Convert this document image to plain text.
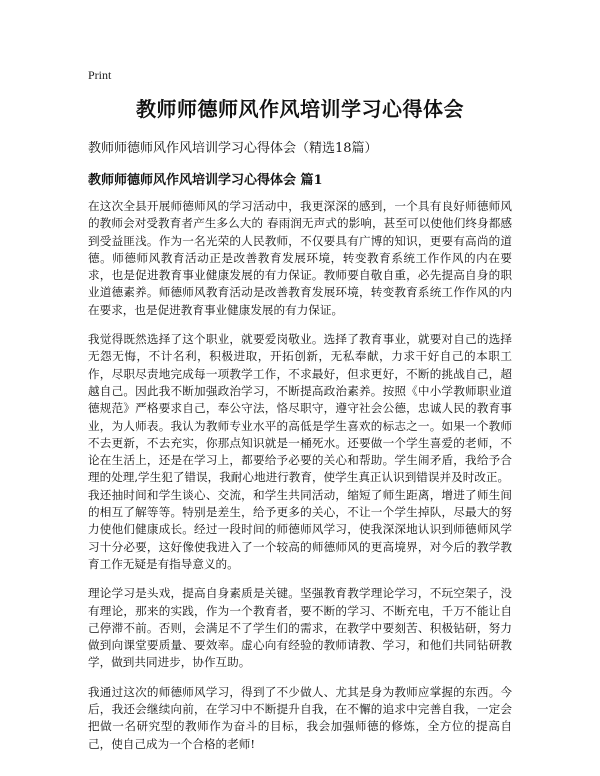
Print
教师师德师风作风培训学习心得体会
教师师德师风作风培训学习心得体会（精选18篇）
教师师德师风作风培训学习心得体会 篇1

在这次全县开展师德师风的学习活动中，我更深深的感到，一个具有良好师德师风的教师会对受教育者产生多么大的 春雨润无声式的影响，甚至可以使他们终身都感到受益匪浅。作为一名光荣的人民教师，不仅要具有广博的知识，更要有高尚的道德。师德师风教育活动正是改善教育发展环境，转变教育系统工作作风的内在要求，也是促进教育事业健康发展的有力保证。教师要自敬自重，必先提高自身的职业道德素养。师德师风教育活动是改善教育发展环境，转变教育系统工作作风的内在要求，也是促进教育事业健康发展的有力保证。

我觉得既然选择了这个职业，就要爱岗敬业。选择了教育事业，就要对自己的选择无怨无悔，不计名利，积极进取，开拓创新，无私奉献，力求干好自己的本职工作，尽职尽责地完成每一项教学工作，不求最好，但求更好，不断的挑战自己，超越自己。因此我不断加强政治学习，不断提高政治素养。按照《中小学教师职业道德规范》严格要求自己，奉公守法，恪尽职守，遵守社会公德，忠诚人民的教育事业，为人师表。我认为教师专业水平的高低是学生喜欢的标志之一。如果一个教师不去更新，不去充实，你那点知识就是一桶死水。还要做一个学生喜爱的老师，不论在生活上，还是在学习上，都要给予必要的关心和帮助。学生闹矛盾，我给予合理的处理,学生犯了错误，我耐心地进行教育，使学生真正认识到错误并及时改正。

我还抽时间和学生谈心、交流，和学生共同活动，缩短了师生距离，增进了师生间的相互了解等等。特别是差生，给予更多的关心，不让一个学生掉队，尽最大的努力使他们健康成长。经过一段时间的师德师风学习，使我深深地认识到师德师风学习十分必要，这好像使我进入了一个较高的师德师风的更高境界，对今后的教学教育工作无疑是有指导意义的。

理论学习是头戏，提高自身素质是关键。坚强教育教学理论学习，不玩空架子，没有理论，那来的实践，作为一个教育者，要不断的学习、不断充电，千万不能让自己停滞不前。否则，会满足不了学生们的需求，在教学中要刻苦、积极钻研，努力做到向课堂要质量、要效率。虚心向有经验的教师请教、学习，和他们共同钻研教学，做到共同进步，协作互助。

我通过这次的师德师风学习，得到了不少做人、尤其是身为教师应掌握的东西。今后，我还会继续向前，在学习中不断提升自我，在不懈的追求中完善自我，一定会把做一名研究型的教师作为奋斗的目标，我会加强师德的修炼，全方位的提高自己，使自己成为一个合格的老师!
